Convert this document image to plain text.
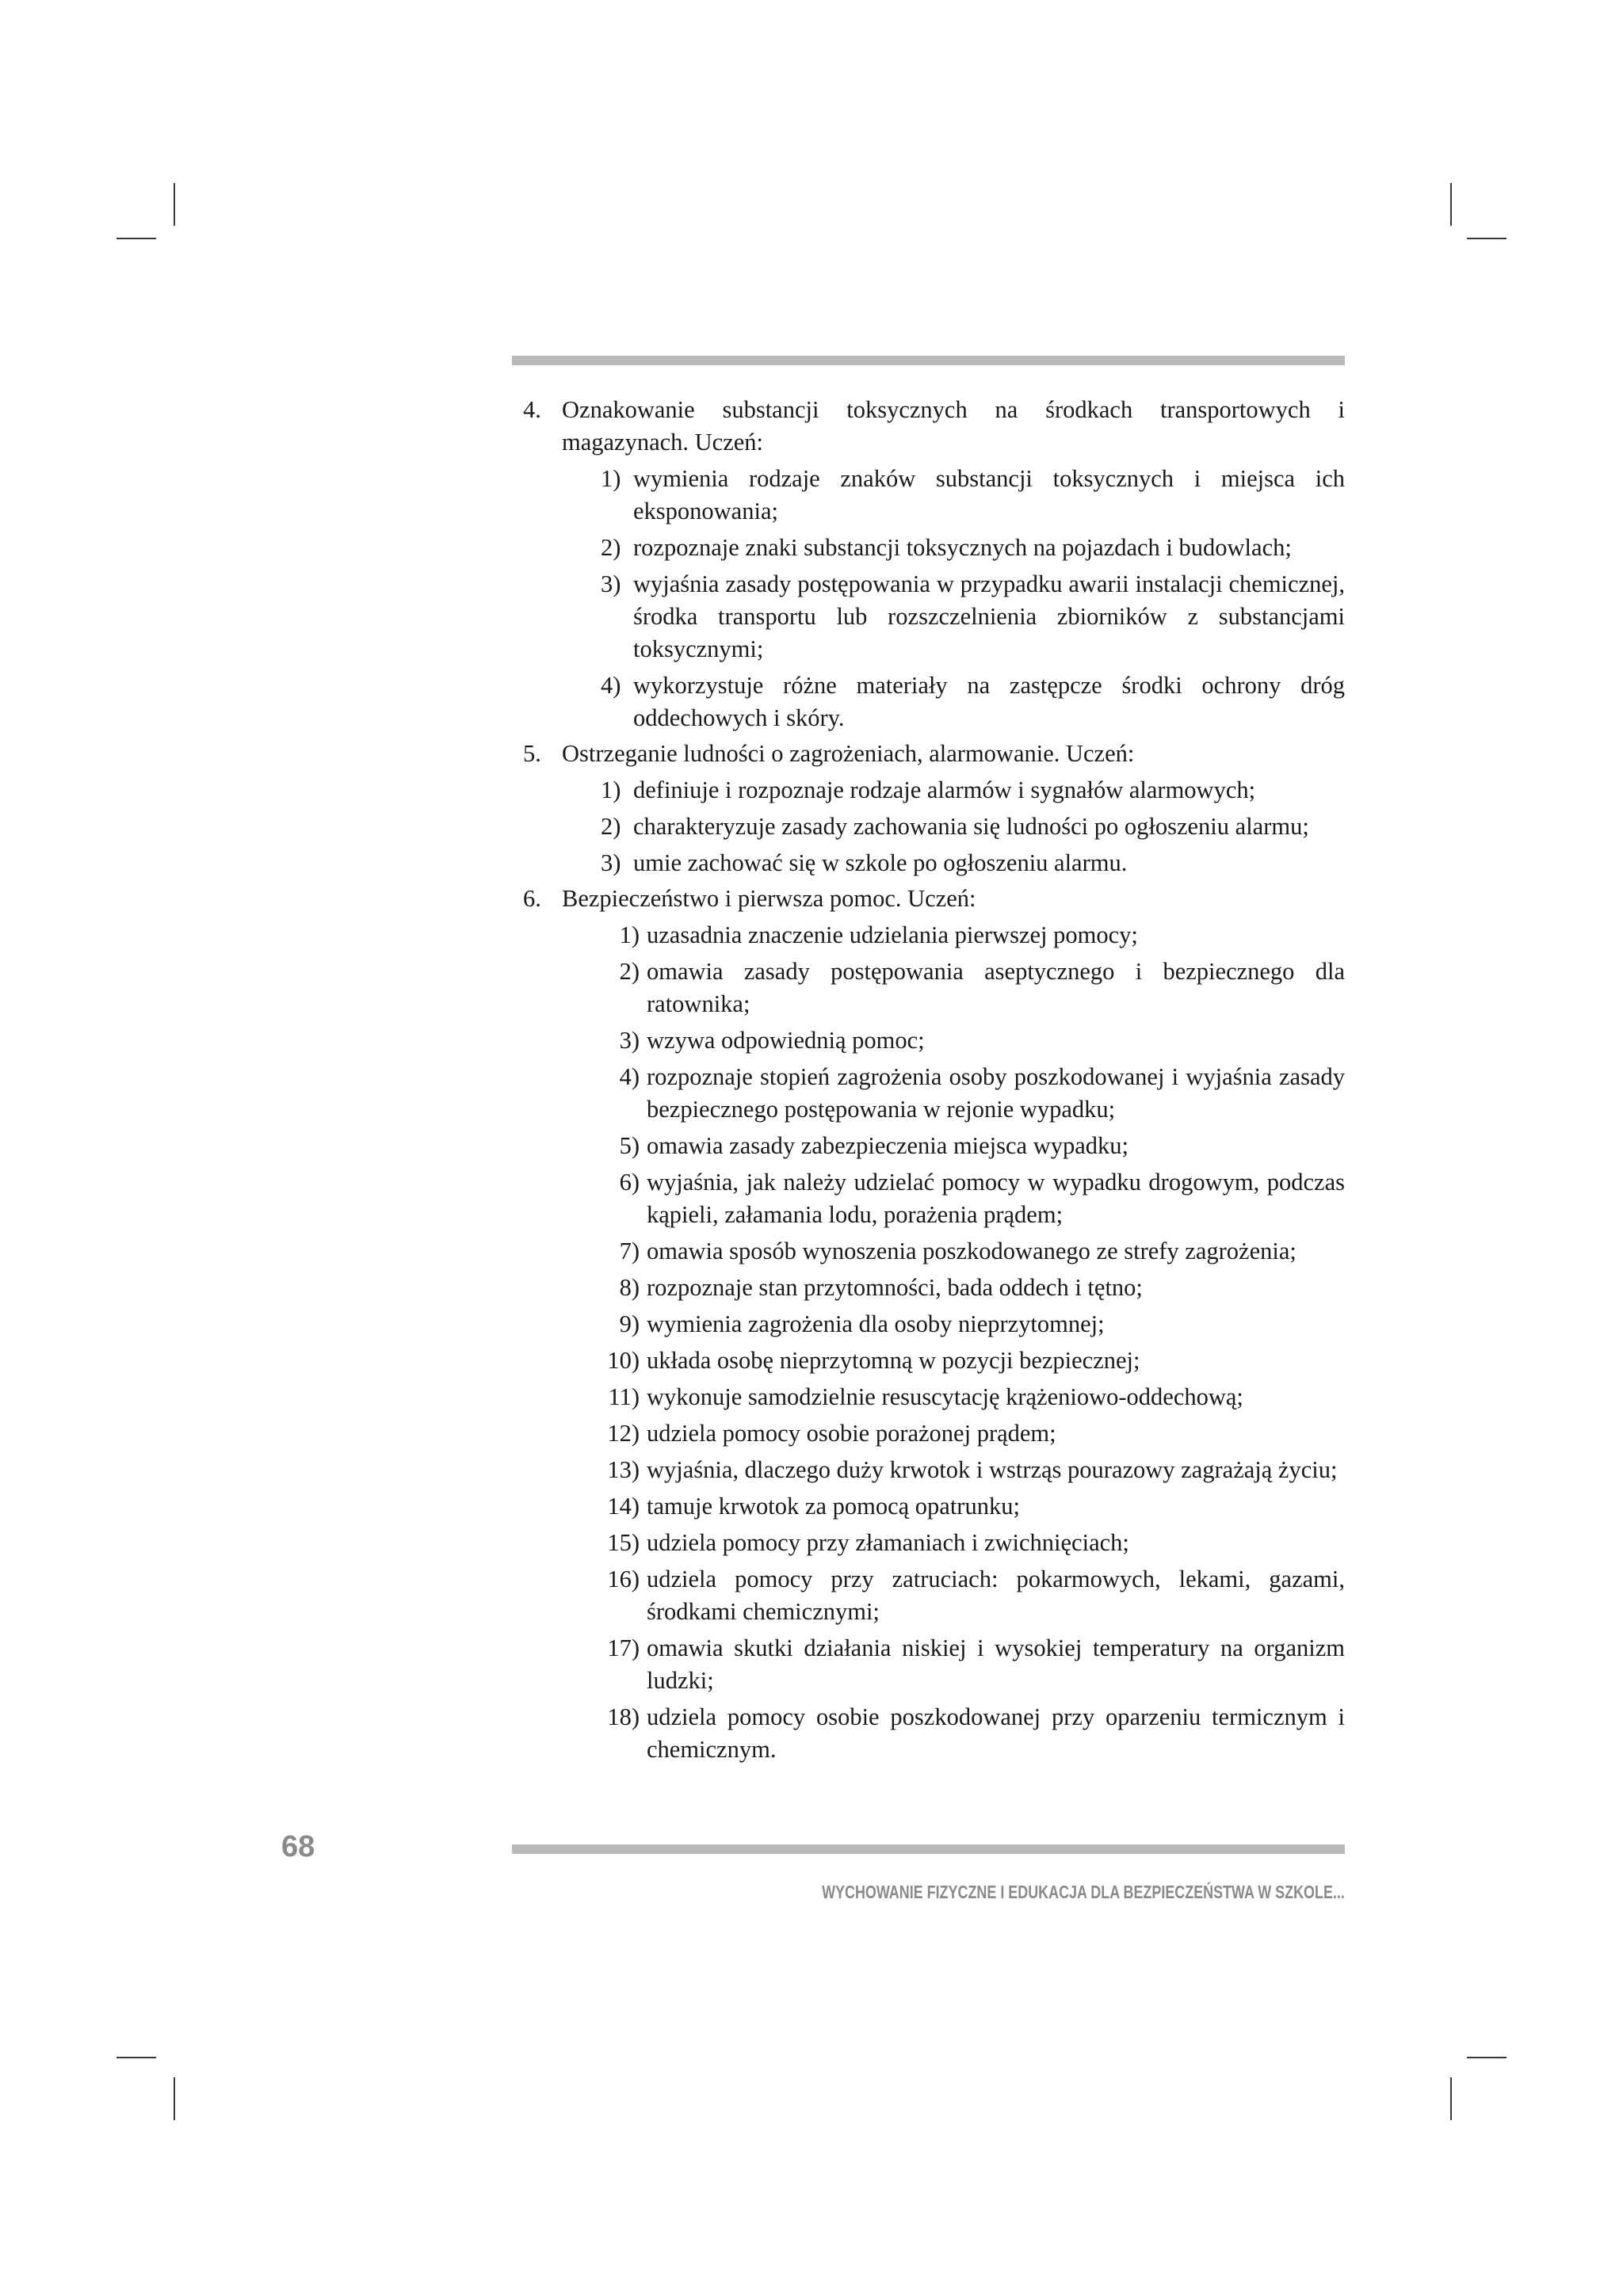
4. Oznakowanie substancji toksycznych na środkach transportowych i magazynach. Uczeń:
1) wymienia rodzaje znaków substancji toksycznych i miejsca ich eksponowania;
2) rozpoznaje znaki substancji toksycznych na pojazdach i budowlach;
3) wyjaśnia zasady postępowania w przypadku awarii instalacji chemicznej, środka transportu lub rozszczelnienia zbiorników z substancjami toksycznymi;
4) wykorzystuje różne materiały na zastępcze środki ochrony dróg oddechowych i skóry.
5. Ostrzeganie ludności o zagrożeniach, alarmowanie. Uczeń:
1) definiuje i rozpoznaje rodzaje alarmów i sygnałów alarmowych;
2) charakteryzuje zasady zachowania się ludności po ogłoszeniu alarmu;
3) umie zachować się w szkole po ogłoszeniu alarmu.
6. Bezpieczeństwo i pierwsza pomoc. Uczeń:
1) uzasadnia znaczenie udzielania pierwszej pomocy;
2) omawia zasady postępowania aseptycznego i bezpiecznego dla ratownika;
3) wzywa odpowiednią pomoc;
4) rozpoznaje stopień zagrożenia osoby poszkodowanej i wyjaśnia zasady bezpiecznego postępowania w rejonie wypadku;
5) omawia zasady zabezpieczenia miejsca wypadku;
6) wyjaśnia, jak należy udzielać pomocy w wypadku drogowym, podczas kąpieli, załamania lodu, porażenia prądem;
7) omawia sposób wynoszenia poszkodowanego ze strefy zagrożenia;
8) rozpoznaje stan przytomności, bada oddech i tętno;
9) wymienia zagrożenia dla osoby nieprzytomnej;
10) układa osobę nieprzytomną w pozycji bezpiecznej;
11) wykonuje samodzielnie resuscytację krążeniowo-oddechową;
12) udziela pomocy osobie porażonej prądem;
13) wyjaśnia, dlaczego duży krwotok i wstrząs pourazowy zagrażają życiu;
14) tamuje krwotok za pomocą opatrunku;
15) udziela pomocy przy złamaniach i zwichnięciach;
16) udziela pomocy przy zatruciach: pokarmowych, lekami, gazami, środkami chemicznymi;
17) omawia skutki działania niskiej i wysokiej temperatury na organizm ludzki;
18) udziela pomocy osobie poszkodowanej przy oparzeniu termicznym i chemicznym.
68
WYCHOWANIE FIZYCZNE I EDUKACJA DLA BEZPIECZEŃSTWA W SZKOLE...
